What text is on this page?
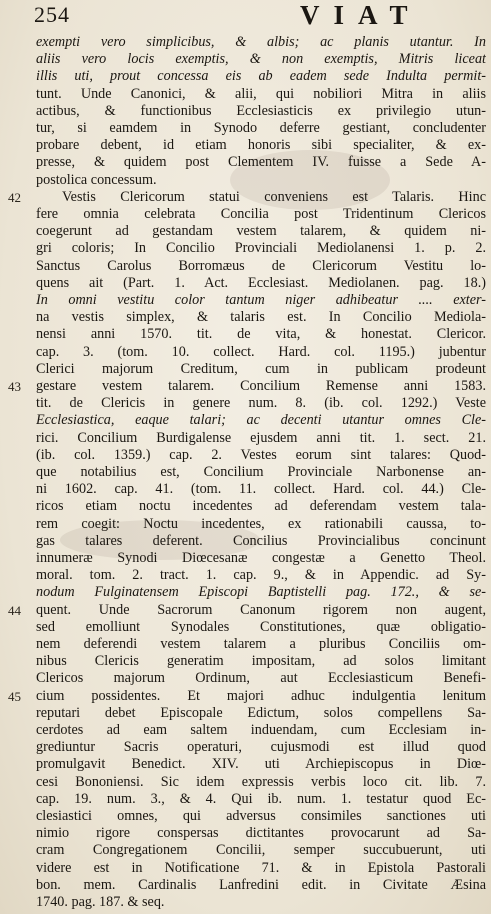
254	VIAT
exempti vero simplicibus, & albis; ac planis utantur. In
aliis vero locis exemptis, & non exemptis, Mitris liceat
illis uti, prout concessa eis ab eadem sede Indulta permit-
tunt. Unde Canonici, & alii, qui nobiliori Mitra in aliis
actibus, & functionibus Ecclesiasticis ex privilegio utun-
tur, si eamdem in Synodo deferre gestiant, concludenter
probare debent, id etiam honoris sibi specialiter, & ex-
presse, & quidem post Clementem IV. fuisse a Sede A-
postolica concessum.
42	Vestis Clericorum statui conveniens est Talaris. Hinc
fere omnia celebrata Concilia post Tridentinum Clericos
coegerunt ad gestandam vestem talarem, & quidem ni-
gri coloris; In Concilio Provinciali Mediolanensi 1. p. 2.
Sanctus Carolus Borromæus de Clericorum Vestitu lo-
quens ait (Part. 1. Act. Ecclesiast. Mediolanen. pag. 18.)
In omni vestitu color tantum niger adhibeatur .... exter-
na vestis simplex, & talaris est. In Concilio Mediola-
nensi anni 1570. tit. de vita, & honestat. Clericor.
cap. 3. (tom. 10. collect. Hard. col. 1195.) jubentur
Clerici majorum Creditum, cum in publicam prodeunt
43	gestare vestem talarem. Concilium Remense anni 1583.
tit. de Clericis in genere num. 8. (ib. col. 1292.) Veste
Ecclesiastica, eaque talari; ac decenti utantur omnes Cle-
rici. Concilium Burdigalense ejusdem anni tit. 1. sect. 21.
(ib. col. 1359.) cap. 2. Vestes eorum sint talares: Quod-
que notabilius est, Concilium Provinciale Narbonense an-
ni 1602. cap. 41. (tom. 11. collect. Hard. col. 44.) Cle-
ricos etiam noctu incedentes ad deferendam vestem tala-
rem coegit: Noctu incedentes, ex rationabili caussa, to-
gas talares deferent. Concilius Provincialibus concinunt
innumeræ Synodi Diœcesanæ congestæ a Genetto Theol.
moral. tom. 2. tract. 1. cap. 9., & in Appendic. ad Sy-
nodum Fulginatensem Episcopi Baptistelli pag. 172., & se-
44	quent. Unde Sacrorum Canonum rigorem non augent,
sed emolliunt Synodales Constitutiones, quæ obligatio-
nem deferendi vestem talarem a pluribus Conciliis om-
nibus Clericis generatim impositam, ad solos limitant
Clericos majorum Ordinum, aut Ecclesiasticum Benefi-
45	cium possidentes. Et majori adhuc indulgentia lenitum
reputari debet Episcopale Edictum, solos compellens Sa-
cerdotes ad eam saltem induendam, cum Ecclesiam in-
grediuntur Sacris operaturi, cujusmodi est illud quod
promulgavit Benedict. XIV. uti Archiepiscopus in Diœ-
cesi Bononiensi. Sic idem expressis verbis loco cit. lib. 7.
cap. 19. num. 3., & 4. Qui ib. num. 1. testatur quod Ec-
clesiastici omnes, qui adversus consimiles sanctiones uti
nimio rigore conspersas dictitantes provocarunt ad Sa-
cram Congregationem Concilii, semper succubuerunt, uti
videre est in Notificatione 71. & in Epistola Pastorali
bon. mem. Cardinalis Lanfredini edit. in Civitate Æsina
1740. pag. 187. & seq.
